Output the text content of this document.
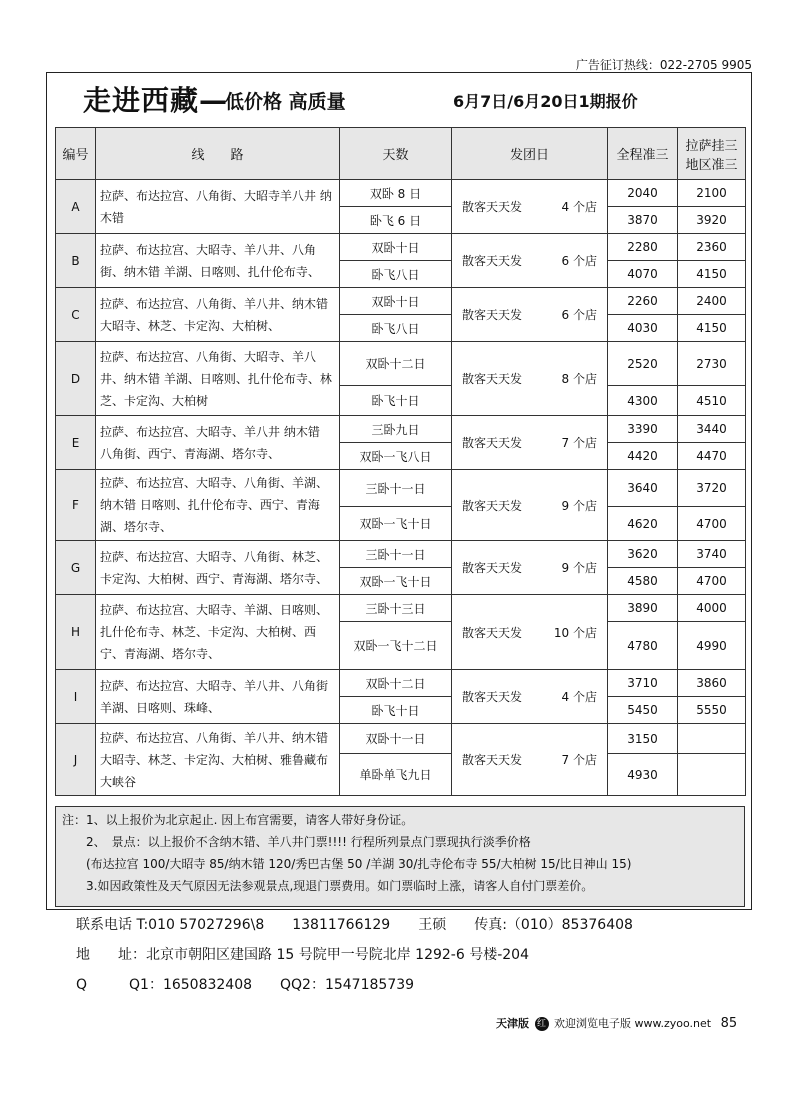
广告征订热线：022-2705 9905
走进西藏—
低价格 高质量	6月7日/6月20日1期报价
编号	线　　路	天数	发团日	全程准三	拉萨挂三
地区准三

A	拉萨、布达拉宫、八角街、大昭寺羊八井 纳木错	双卧 8 日	散客天天发 4 个店	2040	2100
		卧飞 6 日		3870	3920
B	拉萨、布达拉宫、大昭寺、羊八井、八角街、纳木错 羊湖、日喀则、扎什伦布寺、	双卧十日	散客天天发 6 个店	2280	2360
		卧飞八日		4070	4150
C	拉萨、布达拉宫、八角街、羊八井、纳木错 大昭寺、林芝、卡定沟、大柏树、	双卧十日	散客天天发 6 个店	2260	2400
		卧飞八日		4030	4150
D	拉萨、布达拉宫、八角街、大昭寺、羊八井、纳木错 羊湖、日喀则、扎什伦布寺、林芝、卡定沟、大柏树	双卧十二日	散客天天发 8 个店	2520	2730
		卧飞十日		4300	4510
E	拉萨、布达拉宫、大昭寺、羊八井 纳木错 八角街、西宁、青海湖、塔尔寺、	三卧九日	散客天天发 7 个店	3390	3440
		双卧一飞八日		4420	4470
F	拉萨、布达拉宫、大昭寺、八角街、羊湖、纳木错 日喀则、扎什伦布寺、西宁、青海湖、塔尔寺、	三卧十一日	散客天天发 9 个店	3640	3720
		双卧一飞十日		4620	4700
G	拉萨、布达拉宫、大昭寺、八角街、林芝、卡定沟、大柏树、西宁、青海湖、塔尔寺、	三卧十一日	散客天天发 9 个店	3620	3740
		双卧一飞十日		4580	4700
H	拉萨、布达拉宫、大昭寺、羊湖、日喀则、扎什伦布寺、林芝、卡定沟、大柏树、西宁、青海湖、塔尔寺、	三卧十三日	散客天天发 10 个店	3890	4000
		双卧一飞十二日		4780	4990
I	拉萨、布达拉宫、大昭寺、羊八井、八角街羊湖、日喀则、珠峰、	双卧十二日	散客天天发 4 个店	3710	3860
		卧飞十日		5450	5550
J	拉萨、布达拉宫、八角街、羊八井、纳木错 大昭寺、林芝、卡定沟、大柏树、雅鲁藏布大峡谷	双卧十一日	散客天天发 7 个店	3150	
		单卧单飞九日		4930	
注： 1、以上报价为北京起止. 因上布宫需要，请客人带好身份证。
2、　景点：以上报价不含纳木错、羊八井门票!!!! 行程所列景点门票现执行淡季价格
(布达拉宫 100/大昭寺 85/纳木错 120/秀巴古堡 50 /羊湖 30/扎寺伦布寺 55/大柏树 15/比日神山 15)
3.如因政策性及天气原因无法参观景点,现退门票费用。如门票临时上涨，请客人自付门票差价。
联系电话 T:010 57027296\8　　13811766129　　王硕　　传真:（010）85376408
地　　址：北京市朝阳区建国路 15 号院甲一号院北岸 1292-6 号楼-204
Q　　　Q1：1650832408　　QQ2：1547185739
天津版 红 欢迎浏览电子版 www.zyoo.net 85
